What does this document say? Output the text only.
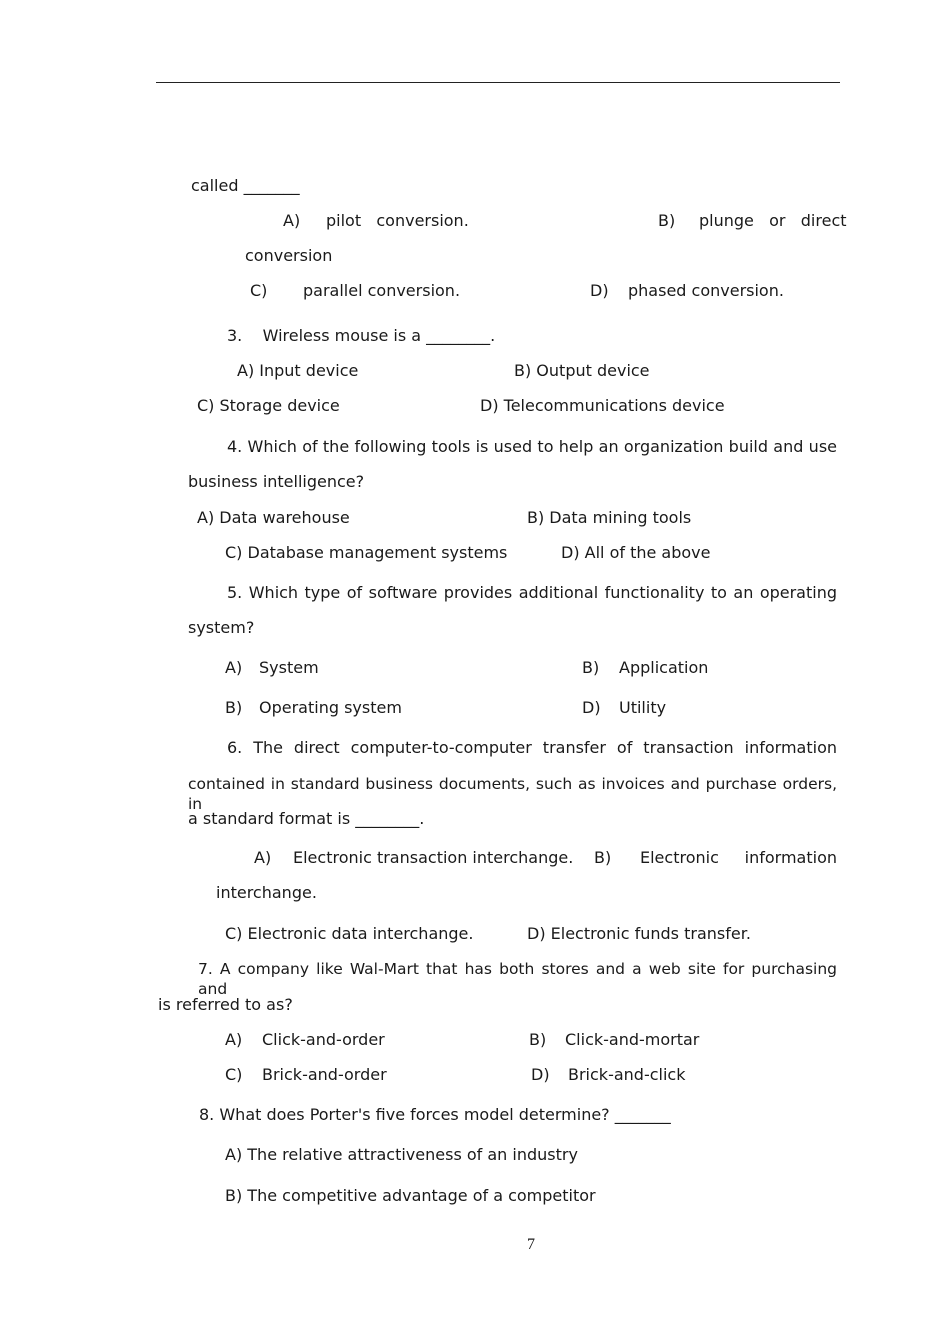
called _______
A) pilot   conversion.	B) plunge   or   direct
conversion
C) parallel conversion.	D) phased conversion.
3.    Wireless mouse is a ________.
A) Input device	B) Output device
C) Storage device	D) Telecommunications device
4. Which of the following tools is used to help an organization build and use
business intelligence?
A) Data warehouse	B) Data mining tools
C) Database management systems	D) All of the above
5. Which type of software provides additional functionality to an operating
system?
A) System	B) Application
B) Operating system	D) Utility
6. The direct computer-to-computer transfer of transaction information
contained in standard business documents, such as invoices and purchase orders, in
a standard format is ________.
A) Electronic transaction interchange. B) Electronic information
interchange.
C) Electronic data interchange.	D) Electronic funds transfer.
7. A company like Wal-Mart that has both stores and a web site for purchasing and
is referred to as?
A) Click-and-order	B) Click-and-mortar
C) Brick-and-order	D) Brick-and-click
8. What does Porter's five forces model determine? _______
A) The relative attractiveness of an industry
B) The competitive advantage of a competitor
7
